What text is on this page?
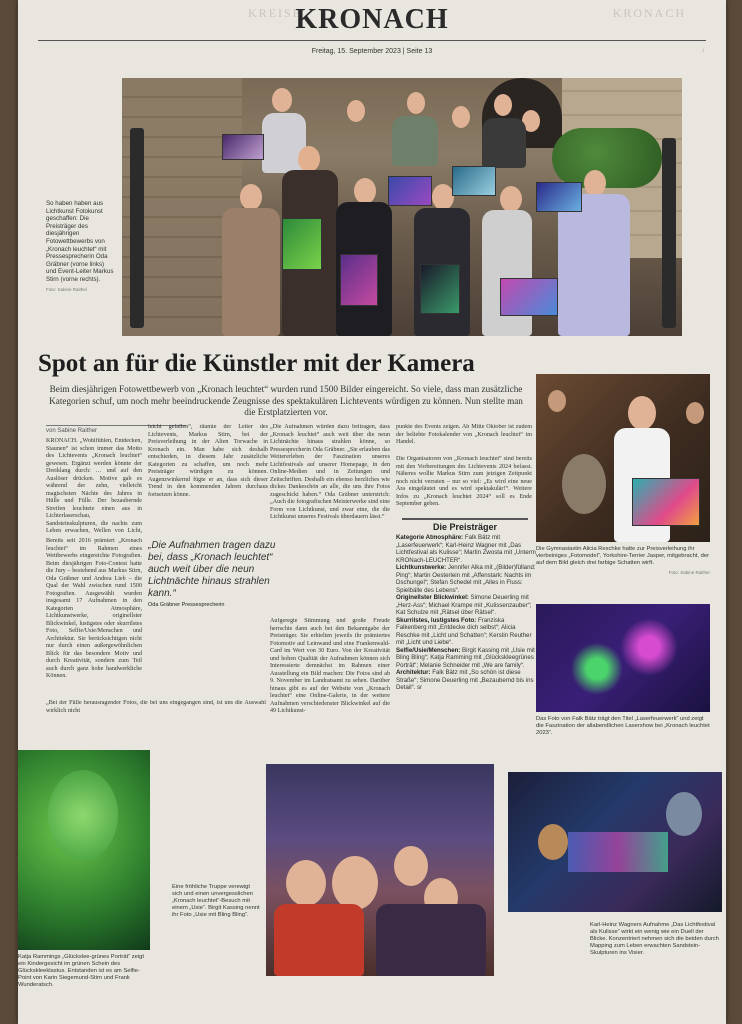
KREISE	KRONACH
KRONACH
Freitag, 15. September 2023 | Seite 13	⁝
So haben haben aus Lichtkunst Fotokunst geschaffen: Die Preisträger des diesjährigen Fotowettbewerbs von „Kronach leuchtet“ mit Pressesprecherin Oda Gräbner (vorne links) und Event-Leiter Markus Stirn (vorne rechts).
Foto: Sabine Raithel
Spot an für die Künstler mit der Kamera
Beim diesjährigen Fotowettbewerb von „Kronach leuchtet“ wurden rund 1500 Bilder eingereicht. So viele, dass man zusätzliche Kategorien schuf, um noch mehr beeindruckende Zeugnisse des spektakulären Lichtevents würdigen zu können. Nun stellte man die Erstplatzierten vor.
von Sabine Raither
KRONACH. „Wohlfühlen, Entdecken, Staunen“ ist schon immer das Motto des Lichtevents „Kronach leuchtet“ gewesen. Ergänzt werden könnte der Dreiklang durch: … und auf den Auslöser drücken. Motive gab es während der zehn, vielleicht magischsten Nächte des Jahres in Hülle und Fülle. Der bezaubernde Streifen leuchtete einen aus in Lichterlaserschau, Sandsteinskulpturen, die nachts zum Leben erwachen, Wellen von Licht,
Bereits seit 2016 prämiert „Kronach leuchtet“ im Rahmen eines Wettbewerbs eingereichte Fotografien. Beim diesjährigen Foto-Contest hatte die Jury – bestehend aus Markus Stirn, Oda Gräbner und Andrea Lieb – die Qual der Wahl zwischen rund 1500 Fotografien. Ausgewählt wurden insgesamt 17 Aufnahmen in den Kategorien Atmosphäre, Lichtkunstwerke, originellster Blickwinkel, lustigstes oder skurrilstes Foto, Selfie/Usie/Menschen und Architektur. Sie berücksichtigen nicht nur durch einen außergewöhnlichen Blick für das besondere Motiv und durch Kreativität, sondern zum Teil auch durch ganz hohe handwerkliche Können.
„Bei der Fülle herausragender Fotos, die bei uns eingegangen sind, ist uns die Auswahl wirklich nicht
„Die Aufnahmen tragen dazu bei, dass „Kronach leuchtet“ auch weit über die neun Lichtnächte hinaus strahlen kann.“
Oda Gräbner Pressesprecherin
leicht gefallen“, räumte der Leiter des Lichtevents, Markus Stirn, bei der Preisverleihung in der Alten Torwache in Kronach ein. Man habe sich deshalb entschieden, in diesem Jahr zusätzliche Kategorien zu schaffen, um noch mehr Preisträger würdigen zu können. Augenzwinkernd fügte er an, dass sich dieser Trend in den kommenden Jahren durchaus fortsetzen könne.
„Die Aufnahmen würden dazu beitragen, dass „Kronach leuchtet“ auch weit über die neun Lichtnächte hinaus strahlen könne, so Pressesprecherin Oda Gräbner. „Sie erlauben das Weitererleben der Faszination unseres Lichtfestivals auf unserer Homepage, in den Online-Medien und in Zeitungen und Zeitschriften. Deshalb ein ebenso herzliches wie dickes Dankeschön an alle, die uns ihre Fotos zugeschickt haben.“ Oda Gräbner unterstrich: „Auch die fotografischen Meisterwerke sind eine Form von Lichtkunst, und zwar eine, die die Lichtkunst unseres Festivals überdauern lässt.“
Aufgeregte Stimmung und große Freude herrschte dann auch bei den Bekanntgabe der Preisträger. Sie erhielten jeweils ihr prämiertes Fotomotiv auf Leinwand und eine Frankenwald-Card im Wert von 30 Euro. Von der Kreativität und hohen Qualität der Aufnahmen können sich Interessierte demnächst im Rahmen einer Ausstellung ein Bild machen: Die Fotos sind ab 9. November im Landratsamt zu sehen. Darüber hinaus gibt es auf der Website von „Kronach leuchtet“ eine Online-Galerie, in der weitere Aufnahmen verschiedenster Blickwinkel auf die 49 Lichtkunst-
punkte des Events zeigen. Ab Mitte Oktober ist zudem der beliebte Fotokalender von „Kronach leuchtet“ im Handel.
Die Organisatoren von „Kronach leuchtet“ sind bereits mit den Vorbereitungen des Lichtevents 2024 befasst. Näheres wollte Markus Stirn zum jetzigen Zeitpunkt noch nicht verraten – nur so viel: „Es wird eine neue Ära eingeläutet und es wird spektakulär!“. Weitere Infos zu „Kronach leuchtet 2024“ soll es Ende September geben.
Die Preisträger
Kategorie Atmosphäre: Falk Bätz mit „Laserfeuerwerk“; Karl-Heinz Wagner mit „Das Lichtfestival als Kulisse“; Martin Zwosta mit „Unterm KRONach-LEUCHTER“.
Lichtkunstwerke: Jennifer Alka mit „(Bilder)fülland: Ping“; Martin Oesterlein mit „Affenstark: Nachts im Dschungel“; Stefan Schedel mit „Alles in Fluss: Spielbälle des Lebens“.
Originellster Blickwinkel: Simone Deuerling mit „Herz-Ass“; Michael Krampe mit „Kulissenzauber“; Kat Schulze mit „Rätsel über Rätsel“.
Skurrilstes, lustigstes Foto: Franziska Falkenberg mit „Entdecke dich selbst“; Alicia Reschke mit „Licht und Schatten“; Kerstin Reuther mit „Licht und Liebe“.
Selfie/Usie/Menschen: Birgit Kassing mit „Usie mit Bling Bling“; Katja Ramming mit „Glückskleegrünes Porträt“; Melanie Schneider mit „We are family“.
Architektur: Falk Bätz mit „So schön ist diese Straße“; Simone Deuerling mit „Bezaubernd bis ins Detail“. sr
Die Gymnasiastin Alicia Reschke hatte zur Preisverleihung ihr vierbeiniges „Fotomodel“, Yorkshire-Terrier Jasper, mitgebracht, der auf dem Bild gleich drei farbige Schatten wirft.
Foto: Sabine Raither
Das Foto von Falk Bätz trägt den Titel „Laserfeuerwerk“ und zeigt die Faszination der allabendlichen Lasershow bei „Kronach leuchtet 2023“.
Katja Rammings „Glückslee-grünes Porträt“ zeigt ein Kindergesicht im grünen Schein des Glückskleeklastus. Entstanden ist es am Selfie-Point von Karin Siegemund-Stirn und Frank Wunderatsch.
Eine fröhliche Truppe verewigt sich und einen unvergesslichen „Kronach leuchtet“-Besuch mit einem „Usie“. Birgit Kassing nennt ihr Foto „Usie mit Bling Bling“.
Karl-Heinz Wagners Aufnahme „Das Lichtfestival als Kulisse“ wirkt ein wenig wie ein Duell der Blicke. Konzentriert nehmen sich die beiden durch Mapping zum Leben erwachten Sandstein-Skulpturen ins Visier.
